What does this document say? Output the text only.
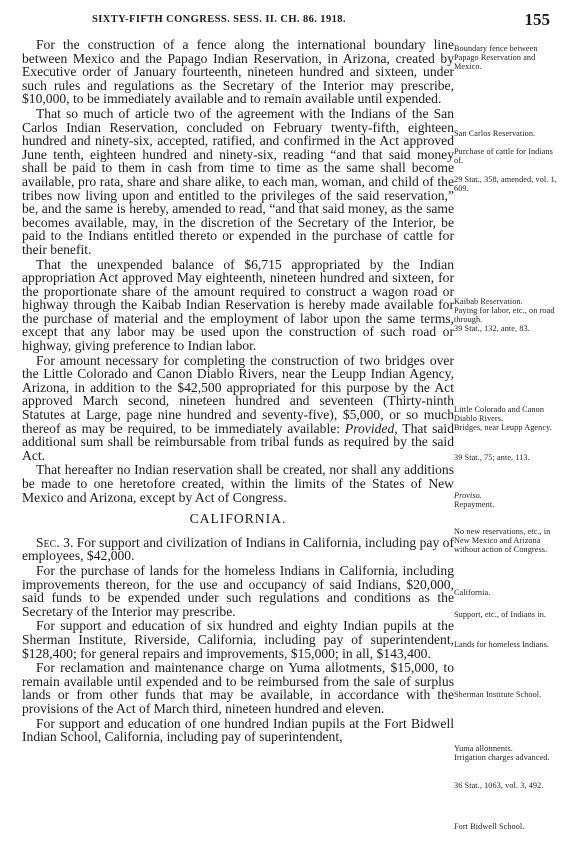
SIXTY-FIFTH CONGRESS. SESS. II. CH. 86. 1918.	155

For the construction of a fence along the international boundary line between Mexico and the Papago Indian Reservation, in Arizona, created by Executive order of January fourteenth, nineteen hundred and sixteen, under such rules and regulations as the Secretary of the Interior may prescribe, $10,000, to be immediately available and to remain available until expended.

That so much of article two of the agreement with the Indians of the San Carlos Indian Reservation, concluded on February twenty-fifth, eighteen hundred and ninety-six, accepted, ratified, and confirmed in the Act approved June tenth, eighteen hundred and ninety-six, reading “and that said money shall be paid to them in cash from time to time as the same shall become available, pro rata, share and share alike, to each man, woman, and child of the tribes now living upon and entitled to the privileges of the said reservation,” be, and the same is hereby, amended to read, “and that said money, as the same becomes available, may, in the discretion of the Secretary of the Interior, be paid to the Indians entitled thereto or expended in the purchase of cattle for their benefit.

That the unexpended balance of $6,715 appropriated by the Indian appropriation Act approved May eighteenth, nineteen hundred and sixteen, for the proportionate share of the amount required to construct a wagon road or highway through the Kaibab Indian Reservation is hereby made available for the purchase of material and the employment of labor upon the same terms, except that any labor may be used upon the construction of such road or highway, giving preference to Indian labor.

For amount necessary for completing the construction of two bridges over the Little Colorado and Canon Diablo Rivers, near the Leupp Indian Agency, Arizona, in addition to the $42,500 appropriated for this purpose by the Act approved March second, nineteen hundred and seventeen (Thirty-ninth Statutes at Large, page nine hundred and seventy-five), $5,000, or so much thereof as may be required, to be immediately available: Provided, That said additional sum shall be reimbursable from tribal funds as required by the said Act.

That hereafter no Indian reservation shall be created, nor shall any additions be made to one heretofore created, within the limits of the States of New Mexico and Arizona, except by Act of Congress.

CALIFORNIA.

Sec. 3. For support and civilization of Indians in California, including pay of employees, $42,000.

For the purchase of lands for the homeless Indians in California, including improvements thereon, for the use and occupancy of said Indians, $20,000, said funds to be expended under such regulations and conditions as the Secretary of the Interior may prescribe.

For support and education of six hundred and eighty Indian pupils at the Sherman Institute, Riverside, California, including pay of superintendent, $128,400; for general repairs and improvements, $15,000; in all, $143,400.

For reclamation and maintenance charge on Yuma allotments, $15,000, to remain available until expended and to be reimbursed from the sale of surplus lands or from other funds that may be available, in accordance with the provisions of the Act of March third, nineteen hundred and eleven.

For support and education of one hundred Indian pupils at the Fort Bidwell Indian School, California, including pay of superintendent,

Boundary fence between Papago Reservation and Mexico.
San Carlos Reservation.
Purchase of cattle for Indians of.
29 Stat., 358, amended, vol. 1, 609.
Kaibab Reservation.
Paying for labor, etc., on road through.
39 Stat., 132, ante, 83.
Little Colorado and Canon Diablo Rivers.
Bridges, near Leupp Agency.
39 Stat., 75; ante, 113.
Proviso.
Repayment.
No new reservations, etc., in New Mexico and Arizona without action of Congress.
California.
Support, etc., of Indians in.
Lands for homeless Indians.
Sherman Institute School.
Yuma allotments.
Irrigation charges advanced.
36 Stat., 1063, vol. 3, 492.
Fort Bidwell School.
